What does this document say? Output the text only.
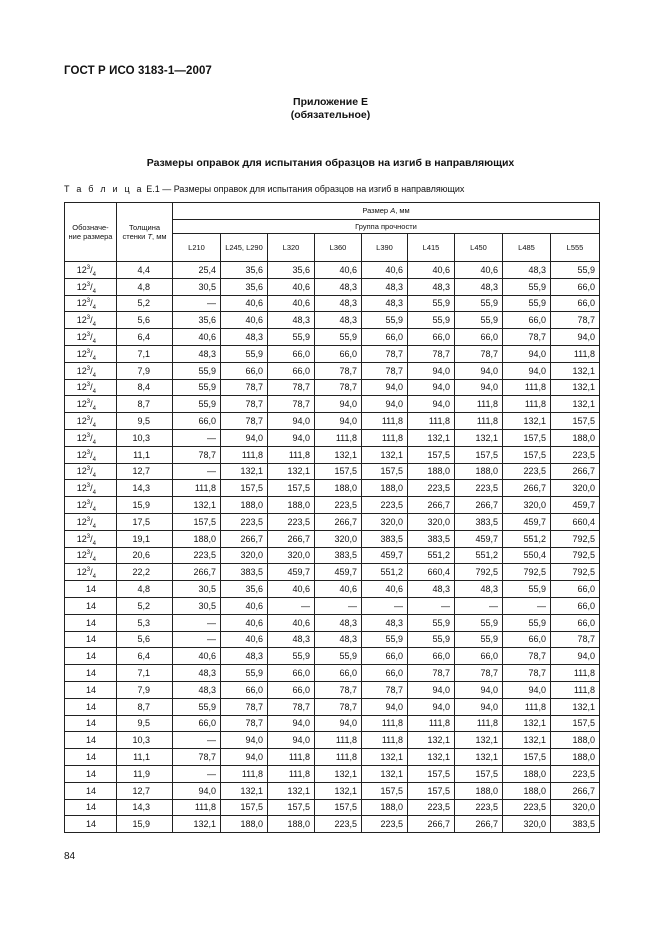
ГОСТ Р ИСО 3183-1—2007
Приложение Е
(обязательное)
Размеры оправок для испытания образцов на изгиб в направляющих
Т а б л и ц а Е.1 — Размеры оправок для испытания образцов на изгиб в направляющих
Обозначе-ние размера	Толщина стенки T, мм	Размер А, мм								
		Группа прочности								
		L210	L245, L290	L320	L360	L390	L415	L450	L485	L555
$12^3/_4$	4,4	25,4	35,6	35,6	40,6	40,6	40,6	40,6	48,3	55,9
$12^3/_4$	4,8	30,5	35,6	40,6	48,3	48,3	48,3	48,3	55,9	66,0
$12^3/_4$	5,2	—	40,6	40,6	48,3	48,3	55,9	55,9	55,9	66,0
$12^3/_4$	5,6	35,6	40,6	48,3	48,3	55,9	55,9	55,9	66,0	78,7
$12^3/_4$	6,4	40,6	48,3	55,9	55,9	66,0	66,0	66,0	78,7	94,0
$12^3/_4$	7,1	48,3	55,9	66,0	66,0	78,7	78,7	78,7	94,0	111,8
$12^3/_4$	7,9	55,9	66,0	66,0	78,7	78,7	94,0	94,0	94,0	132,1
$12^3/_4$	8,4	55,9	78,7	78,7	78,7	94,0	94,0	94,0	111,8	132,1
$12^3/_4$	8,7	55,9	78,7	78,7	94,0	94,0	94,0	111,8	111,8	132,1
$12^3/_4$	9,5	66,0	78,7	94,0	94,0	111,8	111,8	111,8	132,1	157,5
$12^3/_4$	10,3	—	94,0	94,0	111,8	111,8	132,1	132,1	157,5	188,0
$12^3/_4$	11,1	78,7	111,8	111,8	132,1	132,1	157,5	157,5	157,5	223,5
$12^3/_4$	12,7	—	132,1	132,1	157,5	157,5	188,0	188,0	223,5	266,7
$12^3/_4$	14,3	111,8	157,5	157,5	188,0	188,0	223,5	223,5	266,7	320,0
$12^3/_4$	15,9	132,1	188,0	188,0	223,5	223,5	266,7	266,7	320,0	459,7
$12^3/_4$	17,5	157,5	223,5	223,5	266,7	320,0	320,0	383,5	459,7	660,4
$12^3/_4$	19,1	188,0	266,7	266,7	320,0	383,5	383,5	459,7	551,2	792,5
$12^3/_4$	20,6	223,5	320,0	320,0	383,5	459,7	551,2	551,2	550,4	792,5
$12^3/_4$	22,2	266,7	383,5	459,7	459,7	551,2	660,4	792,5	792,5	792,5
14	4,8	30,5	35,6	40,6	40,6	40,6	48,3	48,3	55,9	66,0
14	5,2	30,5	40,6	—	—	—	—	—	—	66,0
14	5,3	—	40,6	40,6	48,3	48,3	55,9	55,9	55,9	66,0
14	5,6	—	40,6	48,3	48,3	55,9	55,9	55,9	66,0	78,7
14	6,4	40,6	48,3	55,9	55,9	66,0	66,0	66,0	78,7	94,0
14	7,1	48,3	55,9	66,0	66,0	66,0	78,7	78,7	78,7	111,8
14	7,9	48,3	66,0	66,0	78,7	78,7	94,0	94,0	94,0	111,8
14	8,7	55,9	78,7	78,7	78,7	94,0	94,0	94,0	111,8	132,1
14	9,5	66,0	78,7	94,0	94,0	111,8	111,8	111,8	132,1	157,5
14	10,3	—	94,0	94,0	111,8	111,8	132,1	132,1	132,1	188,0
14	11,1	78,7	94,0	111,8	111,8	132,1	132,1	132,1	157,5	188,0
14	11,9	—	111,8	111,8	132,1	132,1	157,5	157,5	188,0	223,5
14	12,7	94,0	132,1	132,1	132,1	157,5	157,5	188,0	188,0	266,7
14	14,3	111,8	157,5	157,5	157,5	188,0	223,5	223,5	223,5	320,0
14	15,9	132,1	188,0	188,0	223,5	223,5	266,7	266,7	320,0	383,5
84
